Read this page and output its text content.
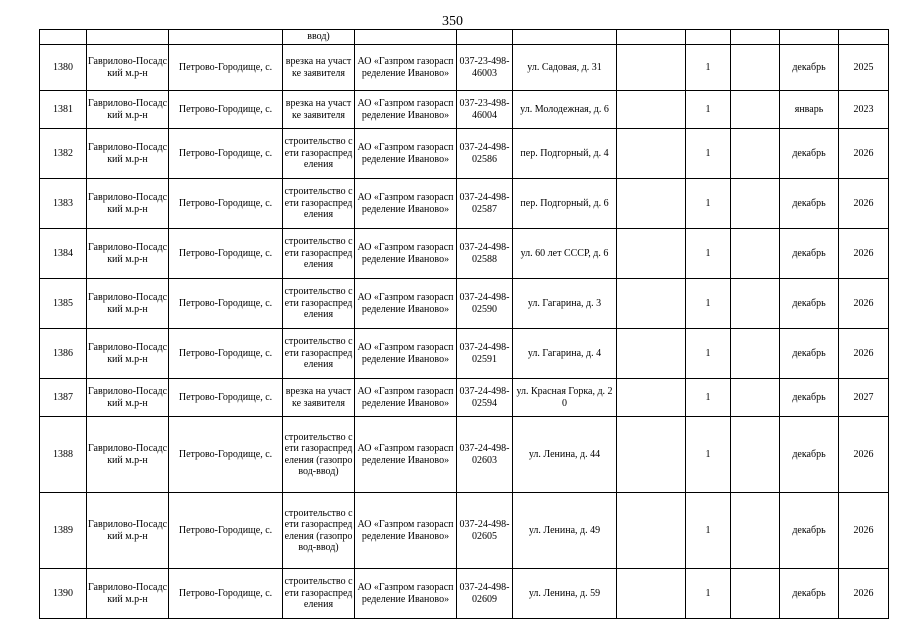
350
			ввод)								
1380	Гаврилово-Посадский м.р-н	Петрово-Городище, с.	врезка на участке заявителя	АО «Газпром газораспределение Иваново»	037-23-498-46003	ул. Садовая, д. 31		1		декабрь	2025
1381	Гаврилово-Посадский м.р-н	Петрово-Городище, с.	врезка на участке заявителя	АО «Газпром газораспределение Иваново»	037-23-498-46004	ул. Молодежная, д. 6		1		январь	2023
1382	Гаврилово-Посадский м.р-н	Петрово-Городище, с.	строительство сети газораспределения	АО «Газпром газораспределение Иваново»	037-24-498-02586	пер. Подгорный, д. 4		1		декабрь	2026
1383	Гаврилово-Посадский м.р-н	Петрово-Городище, с.	строительство сети газораспределения	АО «Газпром газораспределение Иваново»	037-24-498-02587	пер. Подгорный, д. 6		1		декабрь	2026
1384	Гаврилово-Посадский м.р-н	Петрово-Городище, с.	строительство сети газораспределения	АО «Газпром газораспределение Иваново»	037-24-498-02588	ул. 60 лет СССР, д. 6		1		декабрь	2026
1385	Гаврилово-Посадский м.р-н	Петрово-Городище, с.	строительство сети газораспределения	АО «Газпром газораспределение Иваново»	037-24-498-02590	ул. Гагарина, д. 3		1		декабрь	2026
1386	Гаврилово-Посадский м.р-н	Петрово-Городище, с.	строительство сети газораспределения	АО «Газпром газораспределение Иваново»	037-24-498-02591	ул. Гагарина, д. 4		1		декабрь	2026
1387	Гаврилово-Посадский м.р-н	Петрово-Городище, с.	врезка на участке заявителя	АО «Газпром газораспределение Иваново»	037-24-498-02594	ул. Красная Горка, д. 20		1		декабрь	2027
1388	Гаврилово-Посадский м.р-н	Петрово-Городище, с.	строительство сети газораспределения (газопровод-ввод)	АО «Газпром газораспределение Иваново»	037-24-498-02603	ул. Ленина, д. 44		1		декабрь	2026
1389	Гаврилово-Посадский м.р-н	Петрово-Городище, с.	строительство сети газораспределения (газопровод-ввод)	АО «Газпром газораспределение Иваново»	037-24-498-02605	ул. Ленина, д. 49		1		декабрь	2026
1390	Гаврилово-Посадский м.р-н	Петрово-Городище, с.	строительство сети газораспределения	АО «Газпром газораспределение Иваново»	037-24-498-02609	ул. Ленина, д. 59		1		декабрь	2026
